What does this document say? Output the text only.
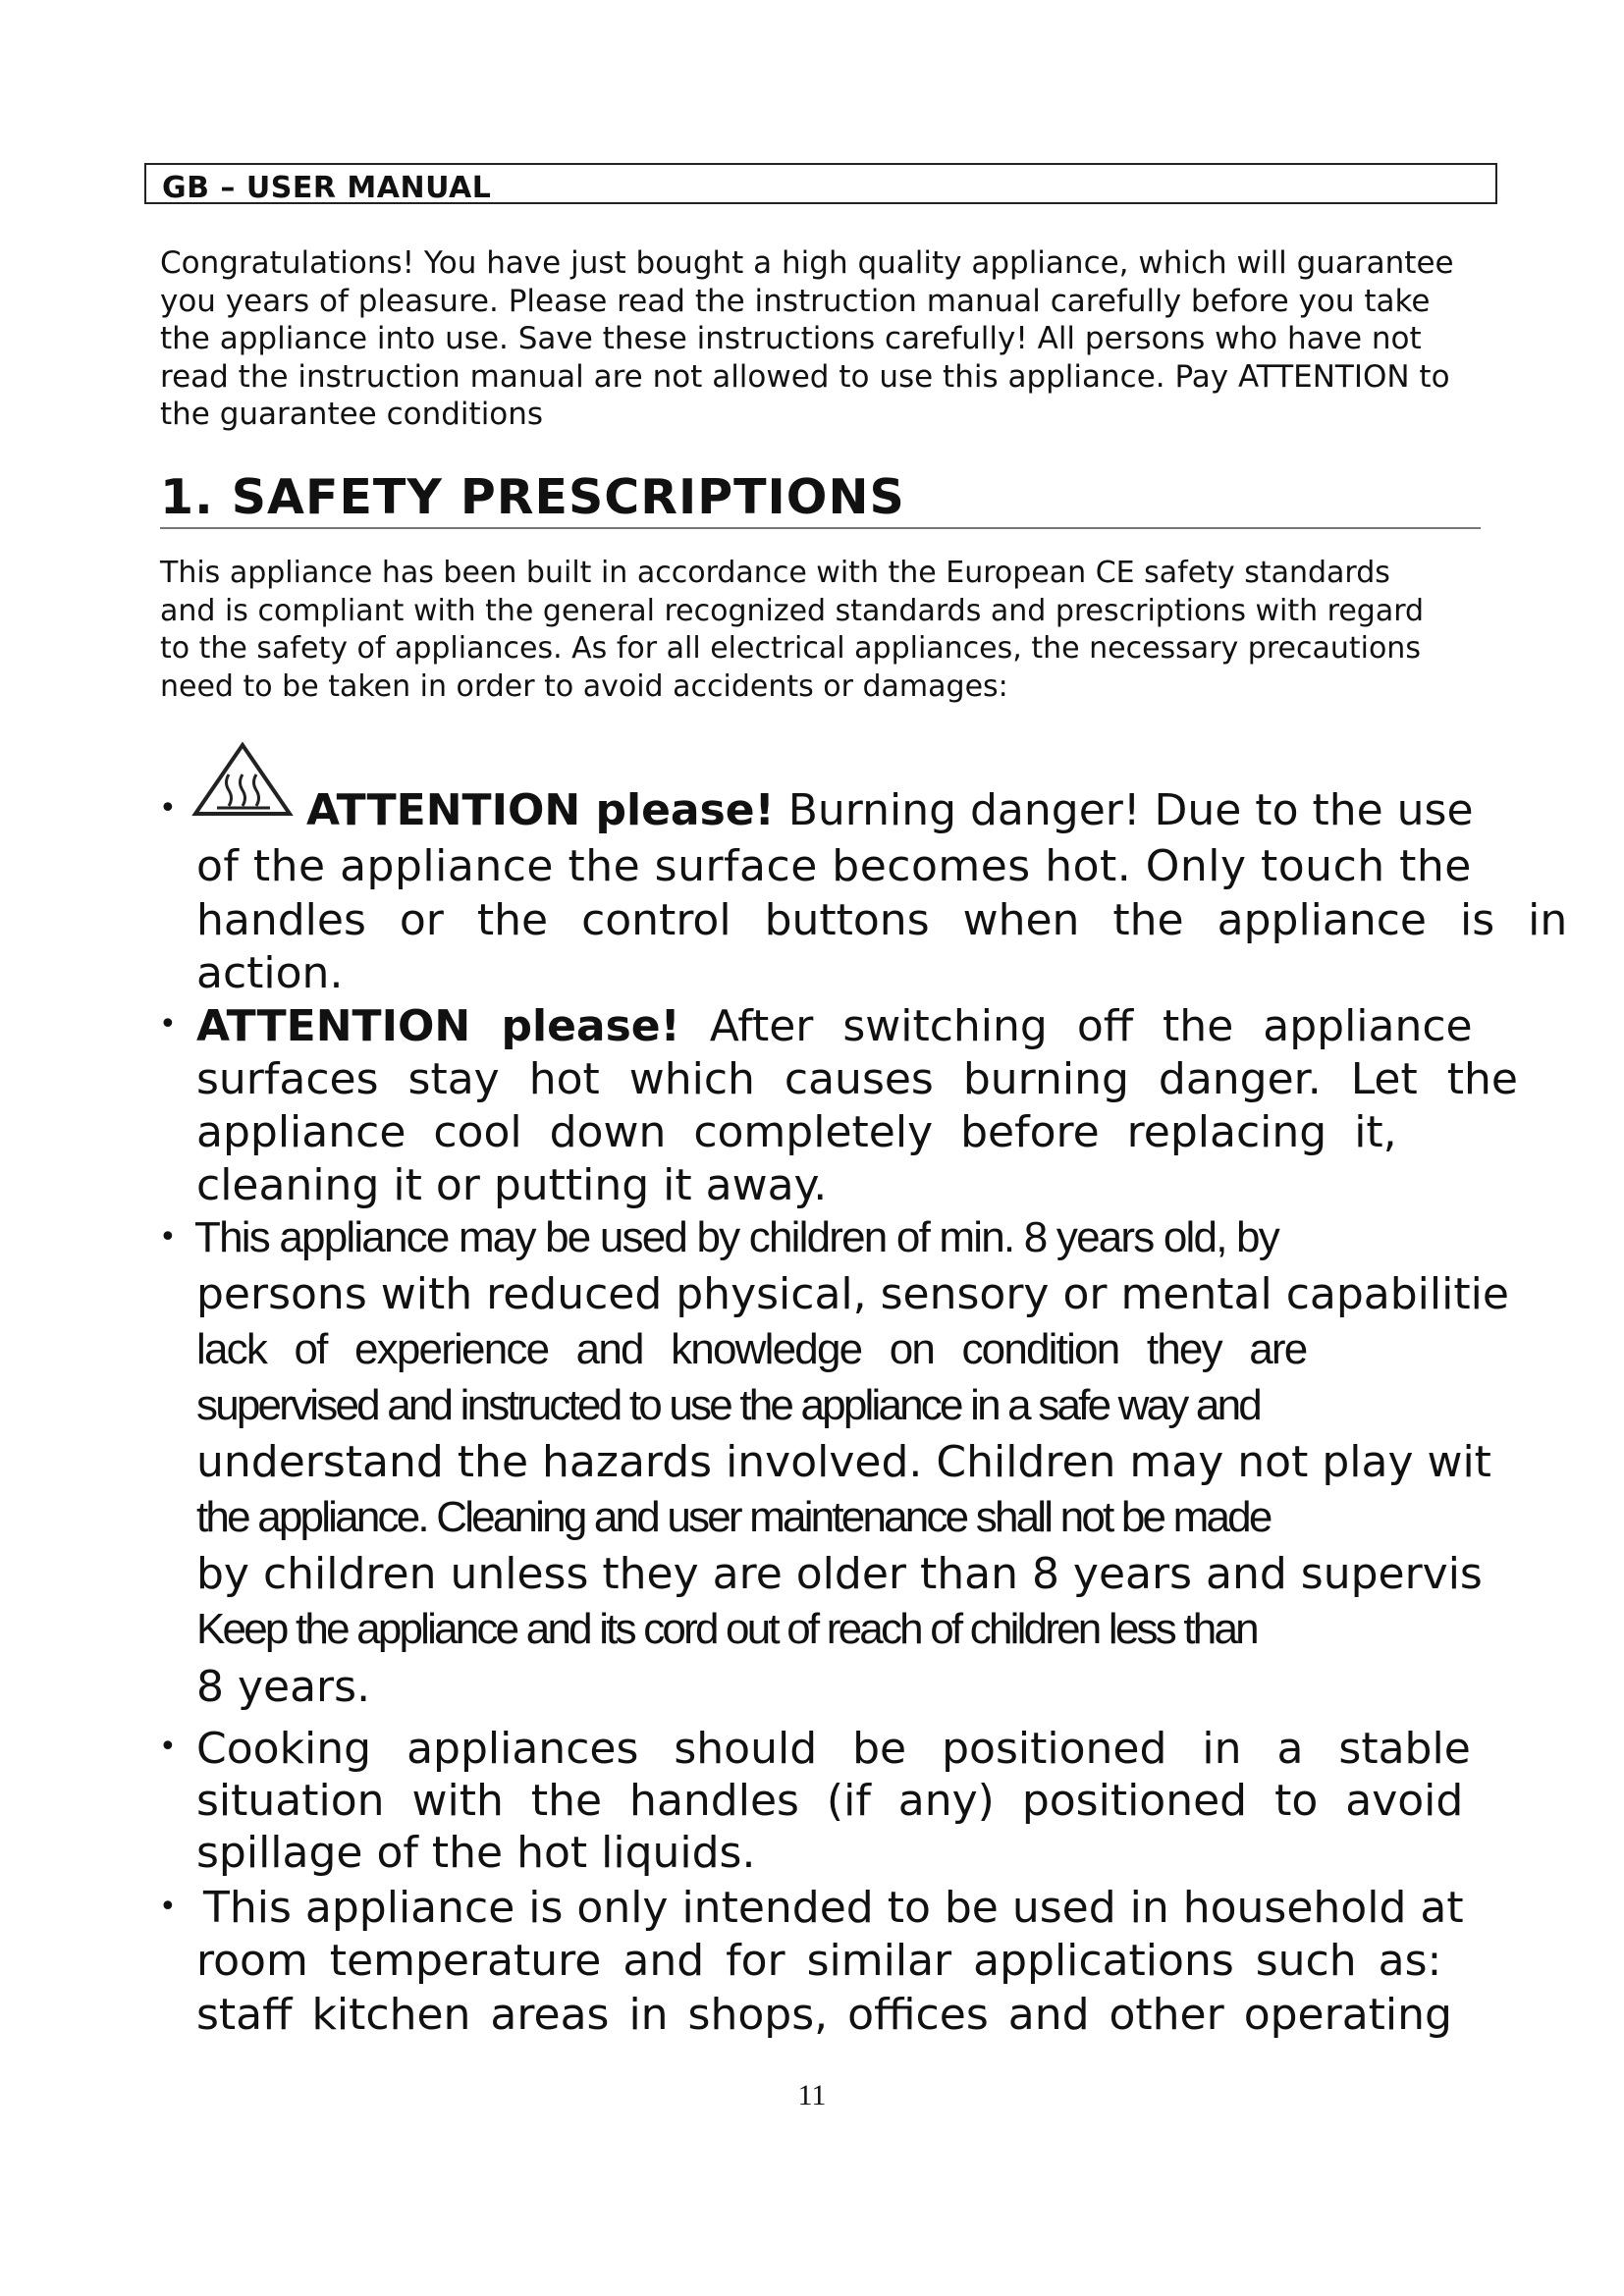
GB – USER MANUAL

Congratulations! You have just bought a high quality appliance, which will guarantee
you years of pleasure. Please read the instruction manual carefully before you take
the appliance into use. Save these instructions carefully! All persons who have not
read the instruction manual are not allowed to use this appliance. Pay ATTENTION to
the guarantee conditions

1. SAFETY PRESCRIPTIONS

This appliance has been built in accordance with the European CE safety standards
and is compliant with the general recognized standards and prescriptions with regard
to the safety of appliances. As for all electrical appliances, the necessary precautions
need to be taken in order to avoid accidents or damages:

•	ATTENTION please! Burning danger! Due to the use
of the appliance the surface becomes hot. Only touch the
handles or the control buttons when the appliance is in
action.
• ATTENTION please! After switching off the appliance
surfaces stay hot which causes burning danger. Let the
appliance cool down completely before replacing it,
cleaning it or putting it away.
• This appliance may be used by children of min. 8 years old, by
persons with reduced physical, sensory or mental capabilitie
lack of experience and knowledge on condition they are
supervised and instructed to use the appliance in a safe way and
understand the hazards involved. Children may not play wit
the appliance. Cleaning and user maintenance shall not be made
by children unless they are older than 8 years and supervis
Keep the appliance and its cord out of reach of children less than
8 years.
• Cooking appliances should be positioned in a stable
situation with the handles (if any) positioned to avoid
spillage of the hot liquids.
• This appliance is only intended to be used in household at
room temperature and for similar applications such as:
staff kitchen areas in shops, offices and other operating
11
